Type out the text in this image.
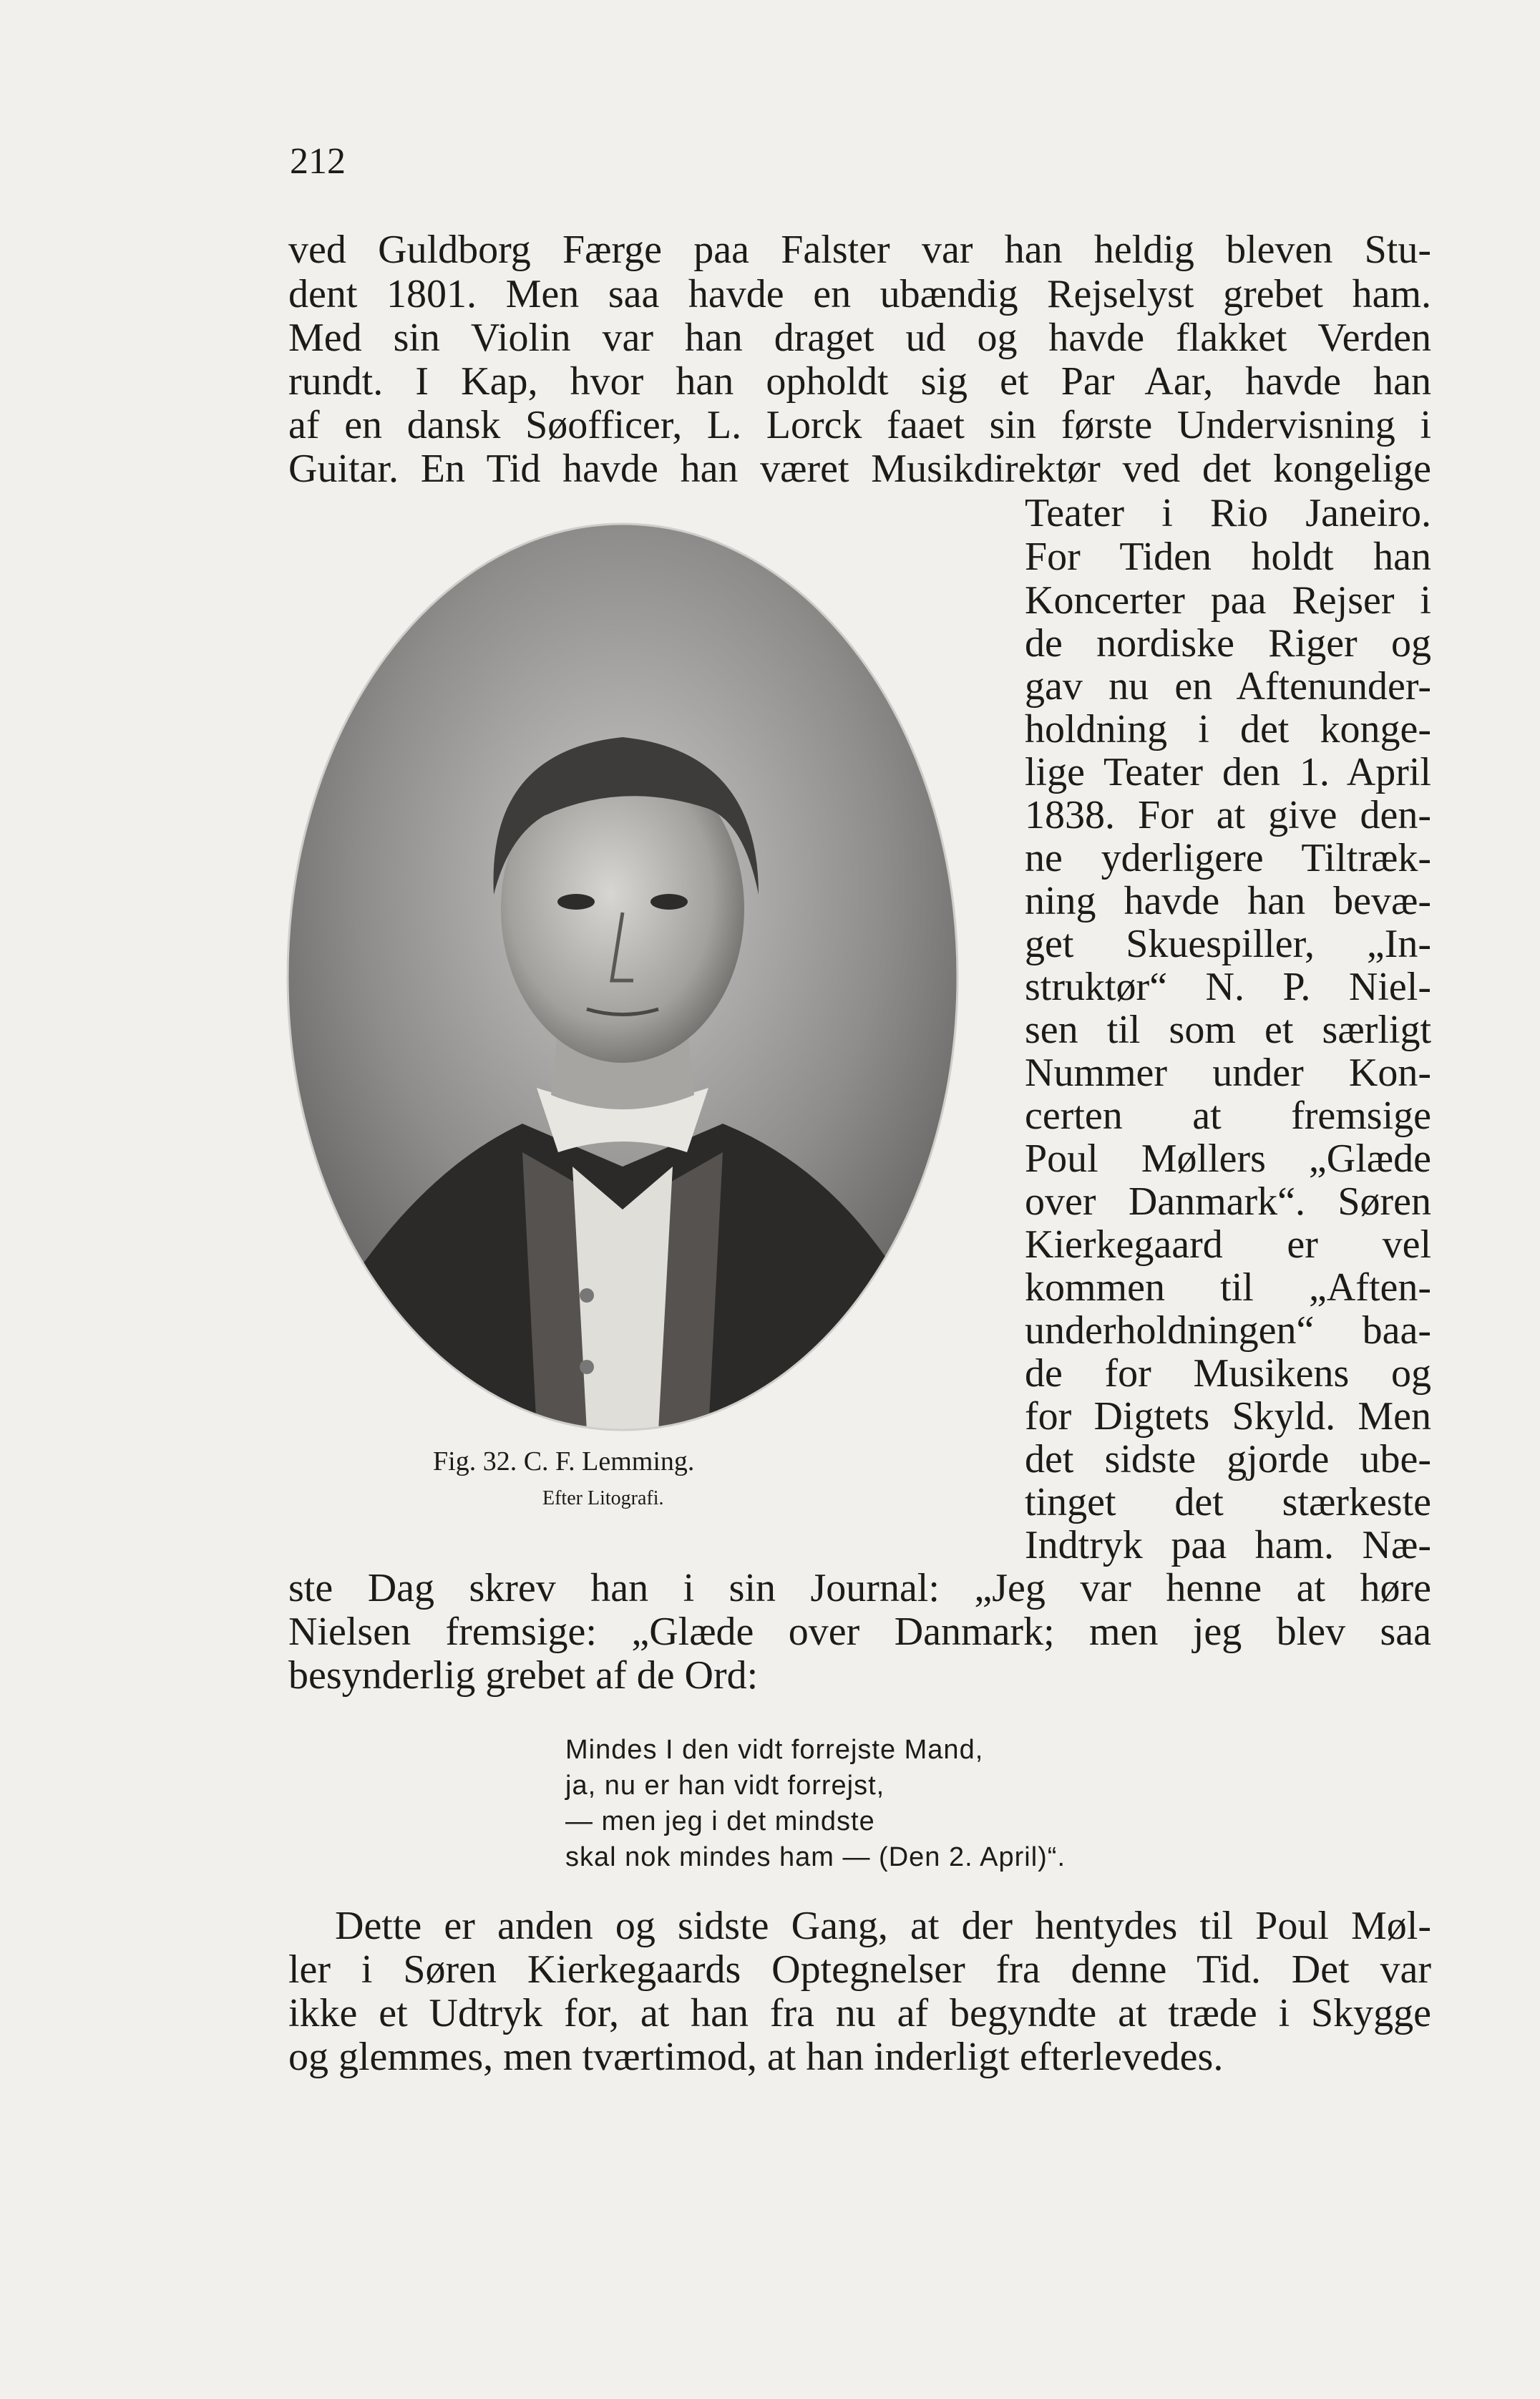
212
ved Guldborg Færge paa Falster var han heldig bleven Stu-
dent 1801. Men saa havde en ubændig Rejselyst grebet ham.
Med sin Violin var han draget ud og havde flakket Verden
rundt. I Kap, hvor han opholdt sig et Par Aar, havde han
af en dansk Søofficer, L. Lorck faaet sin første Undervisning i
Guitar. En Tid havde han været Musikdirektør ved det kongelige
Fig. 32. C. F. Lemming.
Efter Litografi.
Teater i Rio Janeiro.
For Tiden holdt han
Koncerter paa Rejser i
de nordiske Riger og
gav nu en Aftenunder-
holdning i det konge-
lige Teater den 1. April
1838. For at give den-
ne yderligere Tiltræk-
ning havde han bevæ-
get Skuespiller, „In-
struktør“ N. P. Niel-
sen til som et særligt
Nummer under Kon-
certen at fremsige
Poul Møllers „Glæde
over Danmark“. Søren
Kierkegaard er vel
kommen til „Aften-
underholdningen“ baa-
de for Musikens og
for Digtets Skyld. Men
det sidste gjorde ube-
tinget det stærkeste
Indtryk paa ham. Næ-
ste Dag skrev han i sin Journal: „Jeg var henne at høre
Nielsen fremsige: „Glæde over Danmark; men jeg blev saa
besynderlig grebet af de Ord:
Mindes I den vidt forrejste Mand,
ja, nu er han vidt forrejst,
— men jeg i det mindste
skal nok mindes ham — (Den 2. April)“.
Dette er anden og sidste Gang, at der hentydes til Poul Møl-
ler i Søren Kierkegaards Optegnelser fra denne Tid. Det var
ikke et Udtryk for, at han fra nu af begyndte at træde i Skygge
og glemmes, men tværtimod, at han inderligt efterlevedes.
